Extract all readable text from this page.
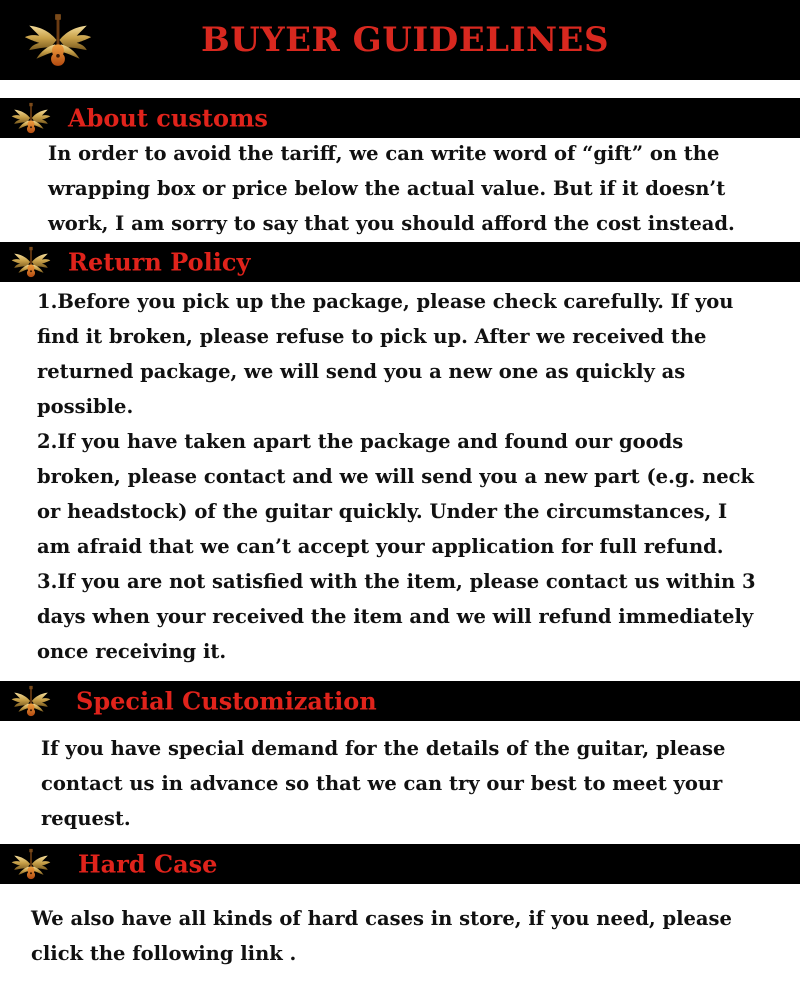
BUYER GUIDELINES
About customs
In order to avoid the tariff, we can write word of “gift” on the
wrapping box or price below the actual value. But if it doesn’t
work, I am sorry to say that you should afford the cost instead.
Return Policy
1.Before you pick up the package, please check carefully. If you
find it broken, please refuse to pick up. After we received the
returned package, we will send you a new one as quickly as
possible.
2.If you have taken apart the package and found our goods
broken, please contact and we will send you a new part (e.g. neck
or headstock) of the guitar quickly. Under the circumstances, I
am afraid that we can’t accept your application for full refund.
3.If you are not satisfied with the item, please contact us within 3
days when your received the item and we will refund immediately
once receiving it.
Special Customization
If you have special demand for the details of the guitar, please
contact us in advance so that we can try our best to meet your
request.
Hard Case
We also have all kinds of hard cases in store, if you need, please
click the following link .
